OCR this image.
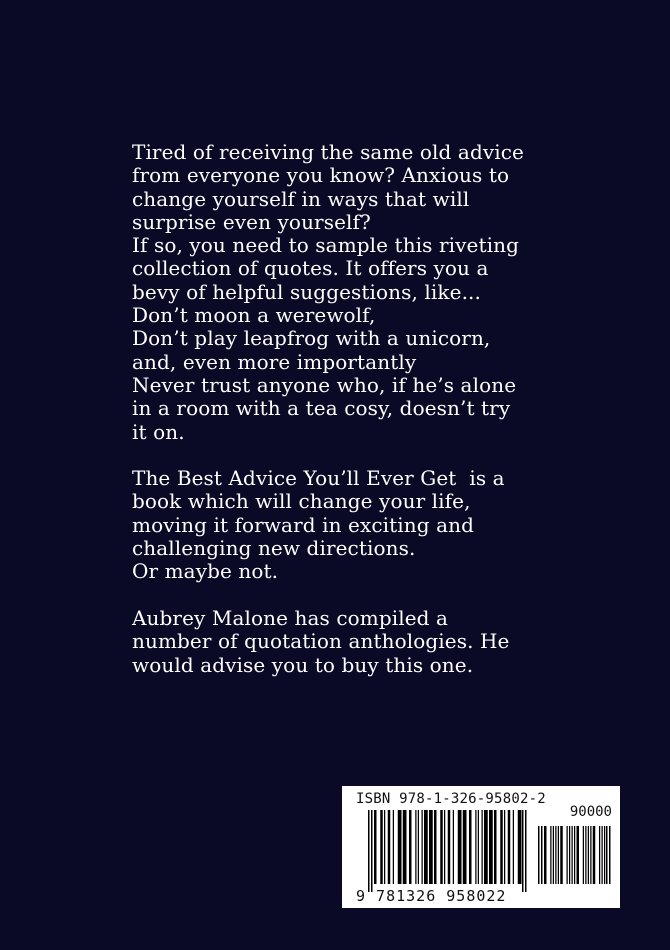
Tired of receiving the same old advice
from everyone you know? Anxious to
change yourself in ways that will
surprise even yourself?
If so, you need to sample this riveting
collection of quotes. It offers you a
bevy of helpful suggestions, like...
Don’t moon a werewolf,
Don’t play leapfrog with a unicorn,
and, even more importantly
Never trust anyone who, if he’s alone
in a room with a tea cosy, doesn’t try
it on.
The Best Advice You’ll Ever Get  is a
book which will change your life,
moving it forward in exciting and
challenging new directions.
Or maybe not.
Aubrey Malone has compiled a
number of quotation anthologies. He
would advise you to buy this one.
ISBN 978-1-326-95802-2
90000
9 781326 958022
